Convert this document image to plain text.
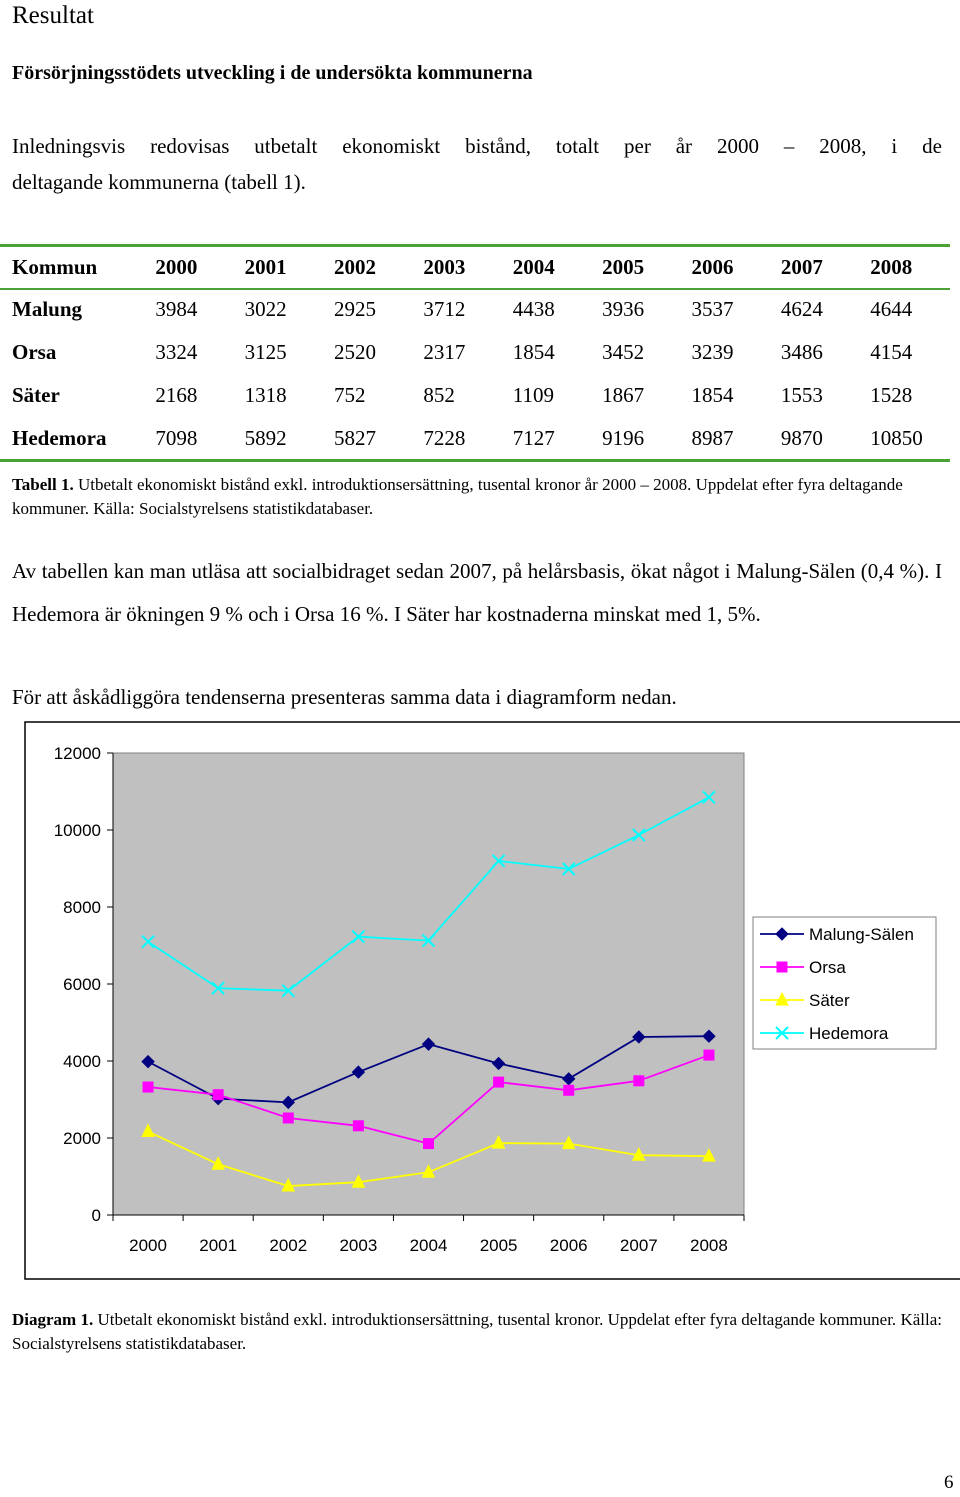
Resultat
Försörjningsstödets utveckling i de undersökta kommunerna
Inledningsvis redovisas utbetalt ekonomiskt bistånd, totalt per år 2000 – 2008, i de
deltagande kommunerna (tabell 1).
Kommun	2000	2001	2002	2003	2004	2005	2006	2007	2008
Malung	3984	3022	2925	3712	4438	3936	3537	4624	4644
Orsa	3324	3125	2520	2317	1854	3452	3239	3486	4154
Säter	2168	1318	752	852	1109	1867	1854	1553	1528
Hedemora	7098	5892	5827	7228	7127	9196	8987	9870	10850
Tabell 1. Utbetalt ekonomiskt bistånd exkl. introduktionsersättning, tusental kronor år 2000 – 2008. Uppdelat efter fyra deltagande kommuner. Källa: Socialstyrelsens statistikdatabaser.
Av tabellen kan man utläsa att socialbidraget sedan 2007, på helårsbasis, ökat något i Malung-Sälen (0,4 %). I Hedemora är ökningen 9 % och i Orsa 16 %. I Säter har kostnaderna minskat med 1, 5%.
För att åskådliggöra tendenserna presenteras samma data i diagramform nedan.
0
2000
4000
6000
8000
10000
12000
2000 2001 2002 2003 2004 2005 2006 2007 2008
Malung-Sälen
Orsa
Säter
Hedemora
Diagram 1. Utbetalt ekonomiskt bistånd exkl. introduktionsersättning, tusental kronor. Uppdelat efter fyra deltagande kommuner. Källa: Socialstyrelsens statistikdatabaser.
6
